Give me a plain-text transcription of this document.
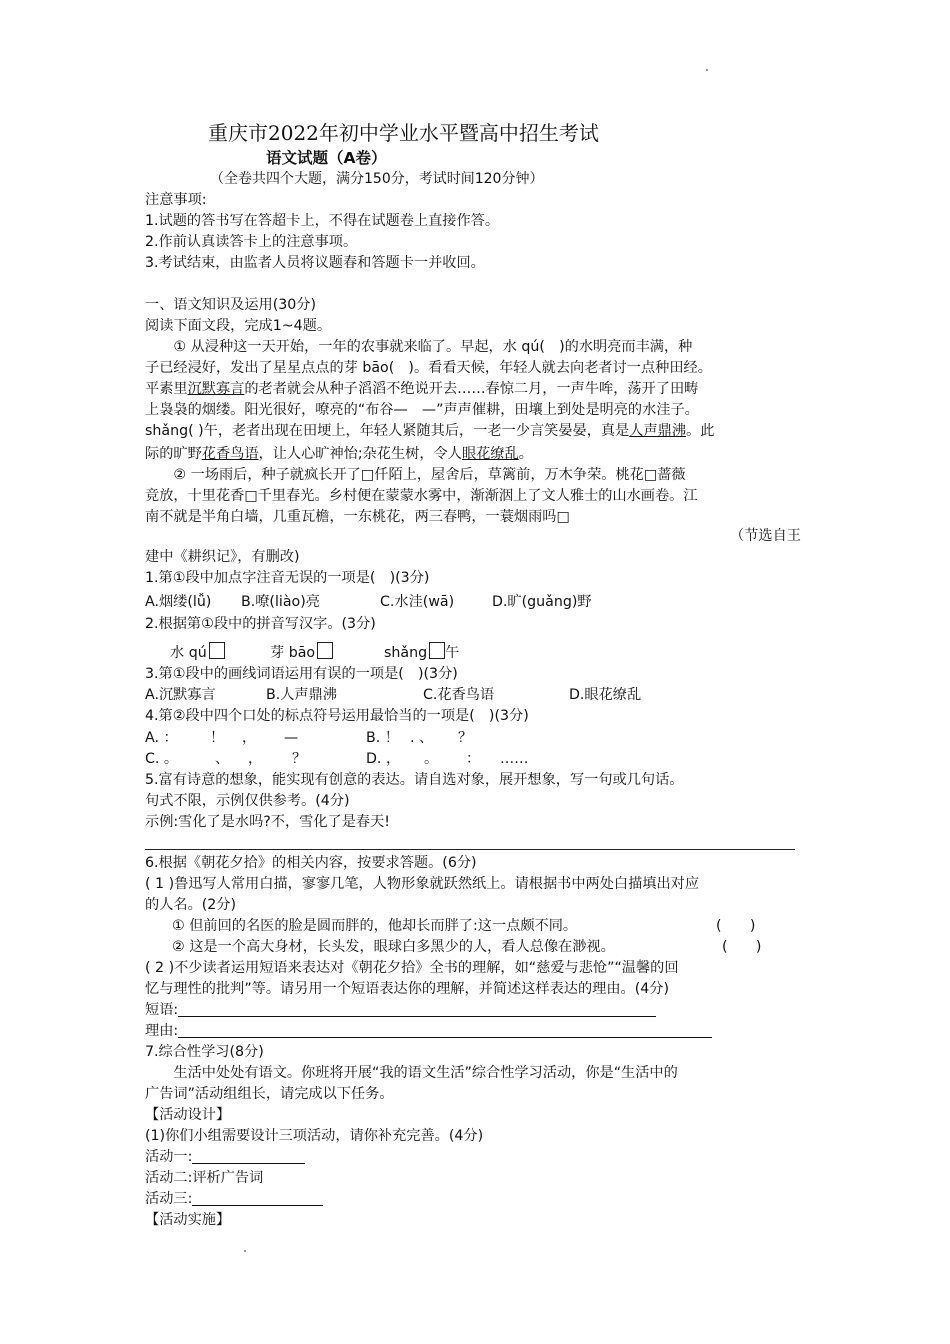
重庆市2022年初中学业水平暨高中招生考试
语文试题（A卷）
（全卷共四个大题，满分150分，考试时间120分钟）
注意事项:
1.试题的答书写在答超卡上，不得在试题卷上直接作答。
2.作前认真读答卡上的注意事项。
3.考试结束，由监者人员将议题春和答题卡一并收回。
一、语文知识及运用(30分)
阅读下面文段，完成1~4题。
　　① 从浸种这一天开始，一年的农事就来临了。早起，水 qú(　)的水明亮而丰满，种
子已经浸好，发出了星星点点的芽 bāo(　)。看看天候，年轻人就去向老者讨一点种田经。
平素里沉默寡言的老者就会从种子滔滔不绝说开去……春惊二月，一声牛哞，荡开了田畴
上袅袅的烟缕。阳光很好，嘹亮的“布谷—　—”声声催耕，田壤上到处是明亮的水洼子。
shǎng( )午，老者出现在田埂上，年轻人紧随其后，一老一少言笑晏晏，真是人声鼎沸。此
际的旷野花香鸟语，让人心旷神怡;杂花生树，令人眼花缭乱。
　　② 一场雨后，种子就疯长开了□仟陌上，屋舍后，草篱前，万木争荣。桃花□蔷薇
竞放，十里花香□千里春光。乡村便在蒙蒙水雾中，渐渐洇上了文人雅士的山水画卷。江
南不就是半角白墙，几重瓦檐，一东桃花，两三春鸭，一蓑烟雨吗□
（节选自王
建中《耕织记》，有删改)
1.第①段中加点字注音无误的一项是(　)(3分)
A.烟缕(lǚ) B.嘹(liào)亮	C.水洼(wā)	D.旷(guǎng)野
2.根据第①段中的拼音写汉字。(3分)
水 qú	芽 bāo	shǎng 午
3.第①段中的画线词语运用有误的一项是(　)(3分)
A.沉默寡言	B.人声鼎沸	C.花香鸟语	D.眼花缭乱
4.第②段中四个口处的标点符号运用最恰当的一项是(　)(3分)
A. ： ！ ， —	B. ！ . 、 ？
C. 。	、 ， ？	D. ， 。 ： ……
5.富有诗意的想象，能实现有创意的表达。请自选对象，展开想象，写一句或几句话。
句式不限，示例仅供参考。(4分)
示例:雪化了是水吗?不，雪化了是春天!
6.根据《朝花夕拾》的相关内容，按要求答题。(6分)
( 1 )鲁迅写人常用白描，寥寥几笔，人物形象就跃然纸上。请根据书中两处白描填出对应
的人名。(2分)
① 但前回的名医的脸是圆而胖的，他却长而胖了:这一点颇不同。	(　　)
② 这是一个高大身材，长头发，眼球白多黑少的人，看人总像在渺视。	(　　)
( 2 )不少读者运用短语来表达对《朝花夕拾》全书的理解，如“慈爱与悲怆”“温馨的回
忆与理性的批判”等。请另用一个短语表达你的理解，并简述这样表达的理由。(4分)
短语:
理由:
7.综合性学习(8分)
　　生活中处处有语文。你班将开展“我的语文生活”综合性学习活动，你是“生活中的
广告词”活动组组长，请完成以下任务。
【活动设计】
(1)你们小组需要设计三项活动，请你补充完善。(4分)
活动一:
活动二:评析广告词
活动三:
【活动实施】
